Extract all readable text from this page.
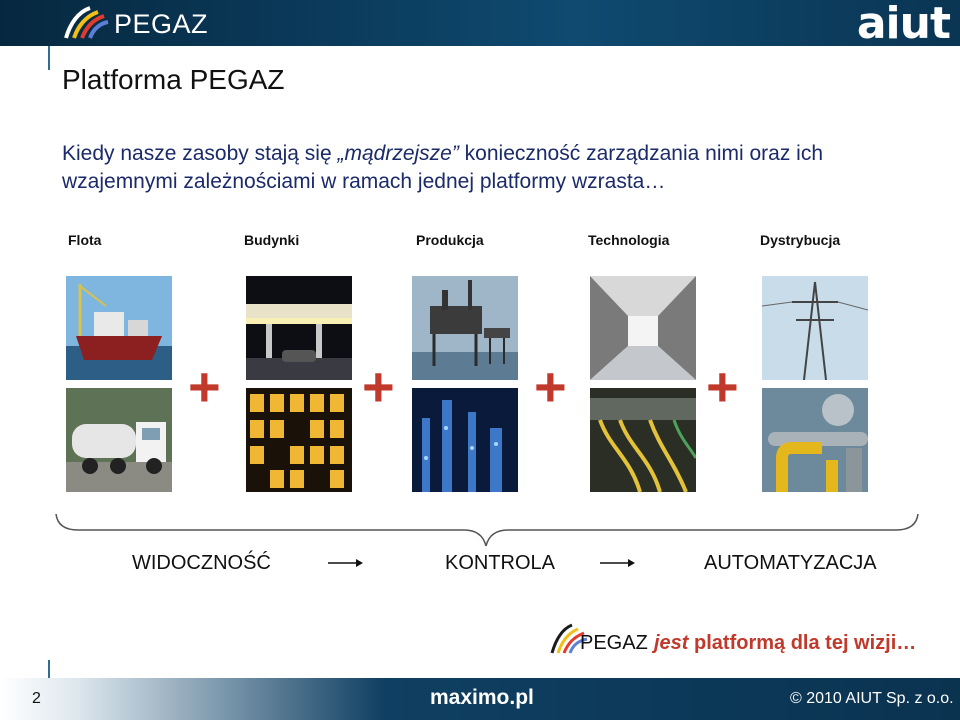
PEGAZ	aiut
Platforma PEGAZ
Kiedy nasze zasoby stają się „mądrzejsze” konieczność zarządzania nimi oraz ich wzajemnymi zależnościami w ramach jednej platformy wzrasta…
Flota	Budynki	Produkcja	Technologia	Dystrybucja
+	+ + +
WIDOCZNOŚĆ	KONTROLA	AUTOMATYZACJA
PEGAZ jest platformą dla tej wizji…
2	maximo.pl	© 2010 AIUT Sp. z o.o.
